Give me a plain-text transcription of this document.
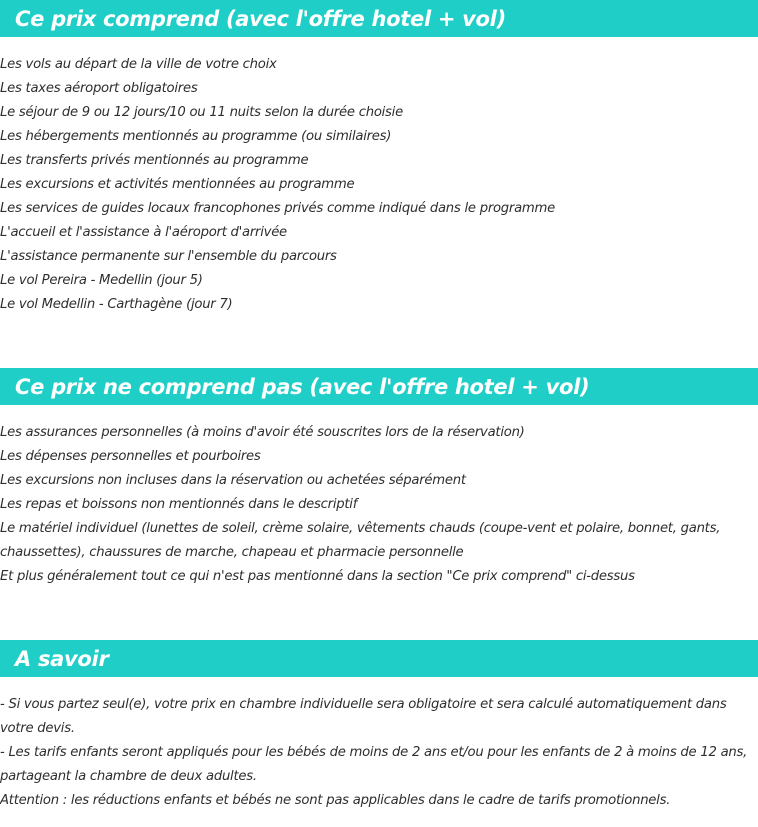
Ce prix comprend (avec l'offre hotel + vol)
Les vols au départ de la ville de votre choix
Les taxes aéroport obligatoires
Le séjour de 9 ou 12 jours/10 ou 11 nuits selon la durée choisie
Les hébergements mentionnés au programme (ou similaires)
Les transferts privés mentionnés au programme
Les excursions et activités mentionnées au programme
Les services de guides locaux francophones privés comme indiqué dans le programme
L'accueil et l'assistance à l'aéroport d'arrivée
L'assistance permanente sur l'ensemble du parcours
Le vol Pereira - Medellin (jour 5)
Le vol Medellin - Carthagène (jour 7)
Ce prix ne comprend pas (avec l'offre hotel + vol)
Les assurances personnelles (à moins d'avoir été souscrites lors de la réservation)
Les dépenses personnelles et pourboires
Les excursions non incluses dans la réservation ou achetées séparément
Les repas et boissons non mentionnés dans le descriptif
Le matériel individuel (lunettes de soleil, crème solaire, vêtements chauds (coupe-vent et polaire, bonnet, gants, chaussettes), chaussures de marche, chapeau et pharmacie personnelle
Et plus généralement tout ce qui n'est pas mentionné dans la section "Ce prix comprend" ci-dessus
A savoir
- Si vous partez seul(e), votre prix en chambre individuelle sera obligatoire et sera calculé automatiquement dans votre devis.
- Les tarifs enfants seront appliqués pour les bébés de moins de 2 ans et/ou pour les enfants de 2 à moins de 12 ans, partageant la chambre de deux adultes.
Attention : les réductions enfants et bébés ne sont pas applicables dans le cadre de tarifs promotionnels.
